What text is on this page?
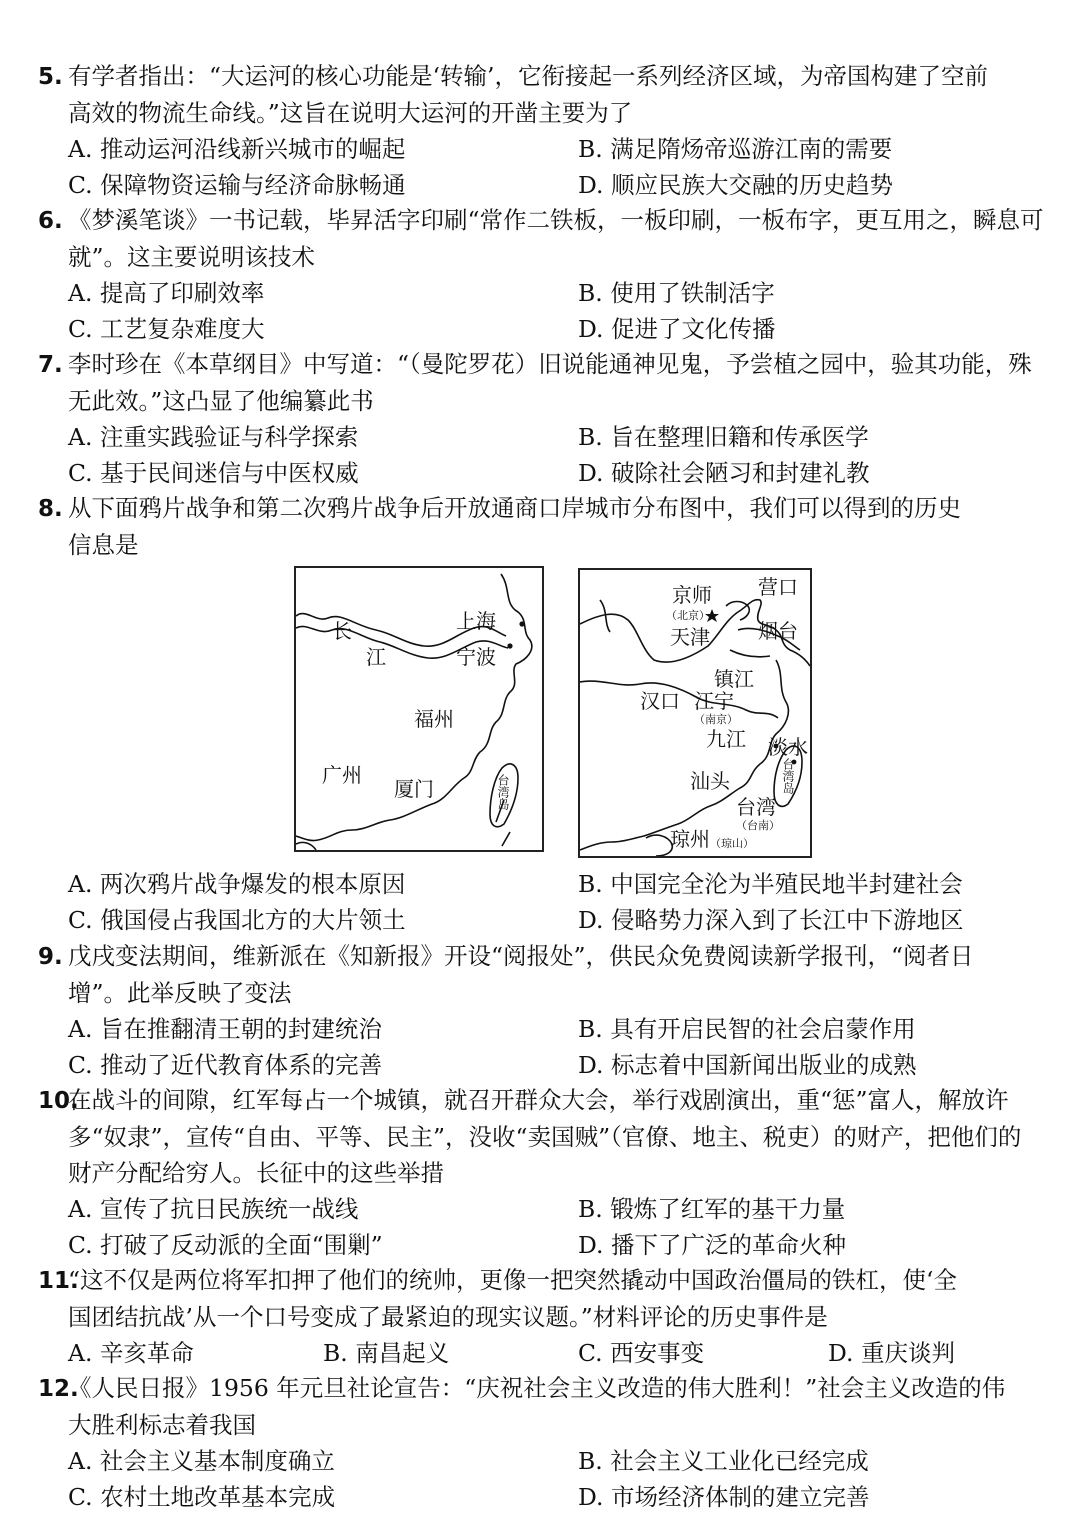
5. 有学者指出：“大运河的核心功能是‘转输’，它衔接起一系列经济区域，为帝国构建了空前
高效的物流生命线。”这旨在说明大运河的开凿主要为了
A. 推动运河沿线新兴城市的崛起	B. 满足隋炀帝巡游江南的需要
C. 保障物资运输与经济命脉畅通	D. 顺应民族大交融的历史趋势
6. 《梦溪笔谈》一书记载，毕昇活字印刷“常作二铁板，一板印刷，一板布字，更互用之，瞬息可
就”。这主要说明该技术
A. 提高了印刷效率	B. 使用了铁制活字
C. 工艺复杂难度大	D. 促进了文化传播
7. 李时珍在《本草纲目》中写道：“（曼陀罗花）旧说能通神见鬼，予尝植之园中，验其功能，殊
无此效。”这凸显了他编纂此书
A. 注重实践验证与科学探索	B. 旨在整理旧籍和传承医学
C. 基于民间迷信与中医权威	D. 破除社会陋习和封建礼教
8. 从下面鸦片战争和第二次鸦片战争后开放通商口岸城市分布图中，我们可以得到的历史
信息是
长
江
上海
宁波
福州
厦门
广州	台湾岛
京师
（北京）
天津
营口
烟台
镇江
汉口 江宁
（南京）
九江 淡水
汕头
台湾
（台南）
琼州 （琼山）
台湾岛
A. 两次鸦片战争爆发的根本原因	B. 中国完全沦为半殖民地半封建社会
C. 俄国侵占我国北方的大片领土	D. 侵略势力深入到了长江中下游地区
9. 戊戌变法期间，维新派在《知新报》开设“阅报处”，供民众免费阅读新学报刊，“阅者日
增”。此举反映了变法
A. 旨在推翻清王朝的封建统治	B. 具有开启民智的社会启蒙作用
C. 推动了近代教育体系的完善	D. 标志着中国新闻出版业的成熟
10.在战斗的间隙，红军每占一个城镇，就召开群众大会，举行戏剧演出，重“惩”富人，解放许
多“奴隶”，宣传“自由、平等、民主”，没收“卖国贼”（官僚、地主、税吏）的财产，把他们的
财产分配给穷人。长征中的这些举措
A. 宣传了抗日民族统一战线	B. 锻炼了红军的基干力量
C. 打破了反动派的全面“围剿”	D. 播下了广泛的革命火种
11.“这不仅是两位将军扣押了他们的统帅，更像一把突然撬动中国政治僵局的铁杠，使‘全
国团结抗战’从一个口号变成了最紧迫的现实议题。”材料评论的历史事件是
A. 辛亥革命	B. 南昌起义	C. 西安事变	D. 重庆谈判
12.《人民日报》1956 年元旦社论宣告：“庆祝社会主义改造的伟大胜利！”社会主义改造的伟
大胜利标志着我国
A. 社会主义基本制度确立	B. 社会主义工业化已经完成
C. 农村土地改革基本完成	D. 市场经济体制的建立完善
